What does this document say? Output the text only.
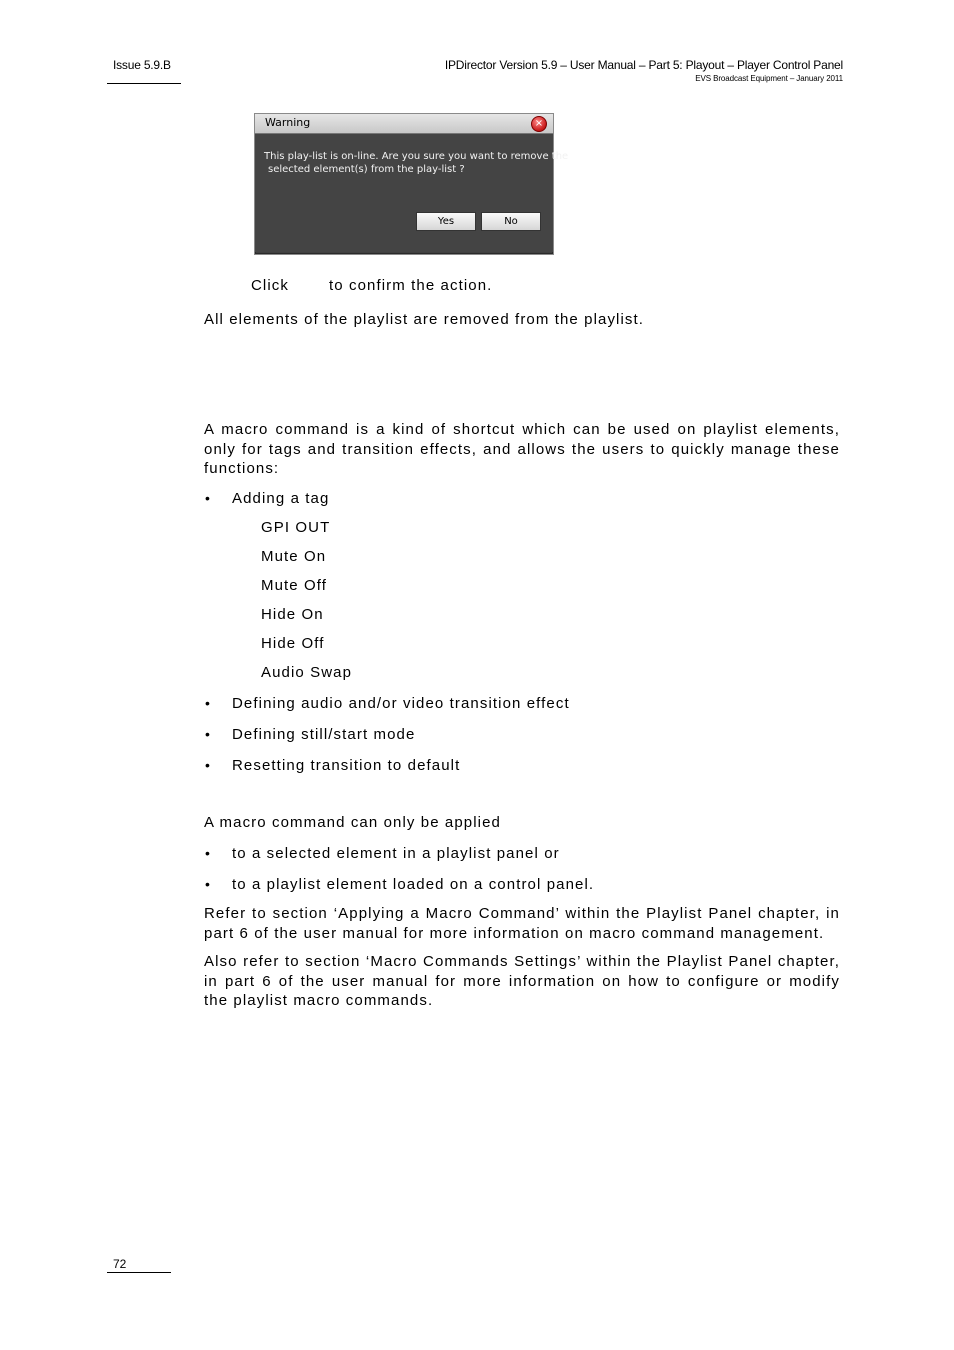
Issue 5.9.B	IPDirector Version 5.9 – User Manual – Part 5: Playout – Player Control Panel
EVS Broadcast Equipment – January 2011
Warning	×
This play-list is on-line. Are you sure you want to remove the
selected element(s) from the play-list ?
Yes	No
Click	to confirm the action.
All elements of the playlist are removed from the playlist.
A macro command is a kind of shortcut which can be used on playlist elements, only for tags and transition effects, and allows the users to quickly manage these functions:
• Adding a tag
GPI OUT
Mute On
Mute Off
Hide On
Hide Off
Audio Swap
• Defining audio and/or video transition effect
• Defining still/start mode
• Resetting transition to default
A macro command can only be applied
• to a selected element in a playlist panel or
• to a playlist element loaded on a control panel.
Refer to section ‘Applying a Macro Command’ within the Playlist Panel chapter, in part 6 of the user manual for more information on macro command management.
Also refer to section ‘Macro Commands Settings’ within the Playlist Panel chapter, in part 6 of the user manual for more information on how to configure or modify the playlist macro commands.
72
